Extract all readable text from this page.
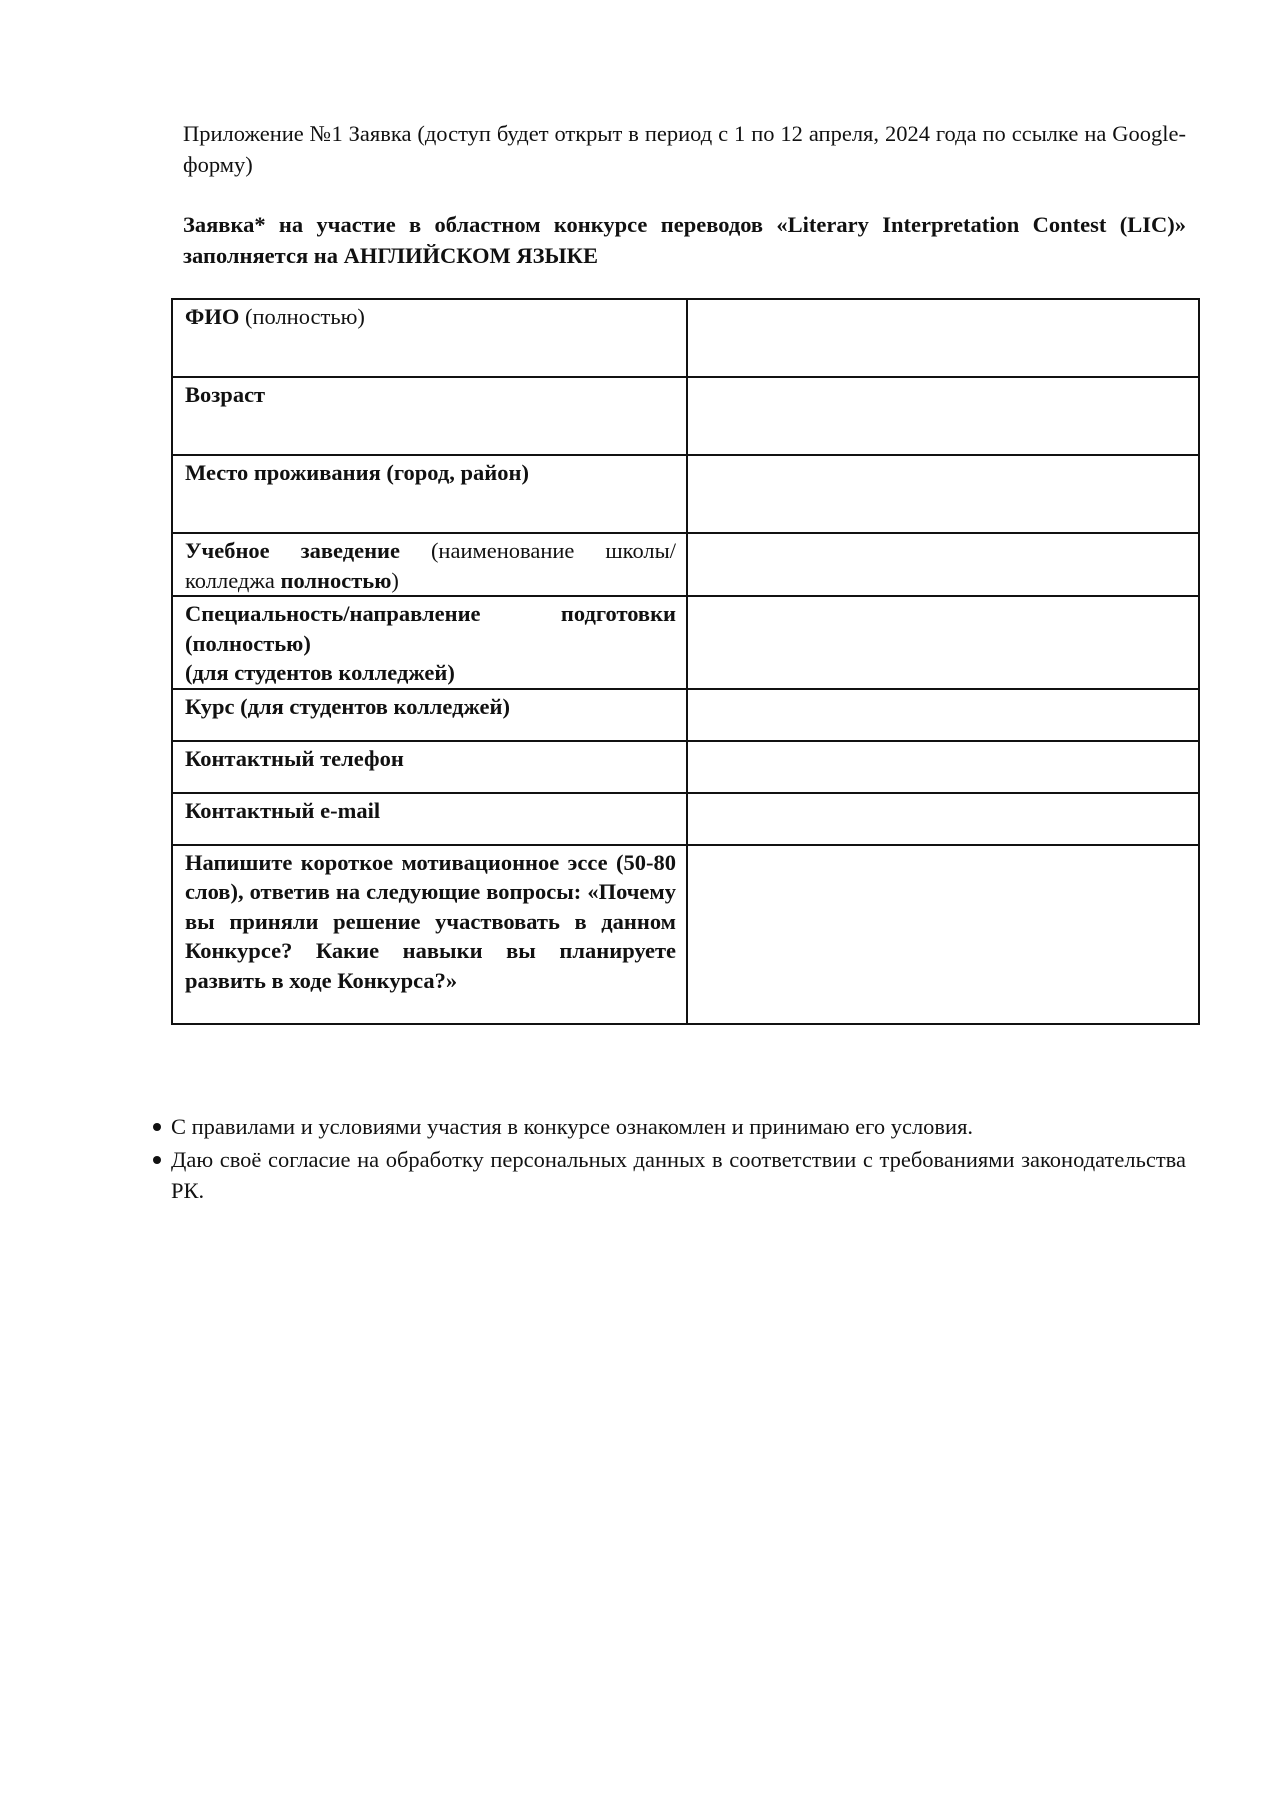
Приложение №1 Заявка (доступ будет открыт в период с 1 по 12 апреля, 2024 года по ссылке на Google-форму)

Заявка* на участие в областном конкурсе переводов «Literary Interpretation Contest (LIC)» заполняется на АНГЛИЙСКОМ ЯЗЫКЕ

ФИО (полностью)	
Возраст	
Место проживания (город, район)	
Учебное заведение (наименование школы/колледжа полностью)	
Специальность/направление подготовки (полностью)
(для студентов колледжей)	
Курс (для студентов колледжей)	
Контактный телефон	
Контактный e-mail	
Напишите короткое мотивационное эссе (50-80 слов), ответив на следующие вопросы: «Почему вы приняли решение участвовать в данном Конкурсе? Какие навыки вы планируете развить в ходе Конкурса?»	
С правилами и условиями участия в конкурсе ознакомлен и принимаю его условия.
Даю своё согласие на обработку персональных данных в соответствии с требованиями законодательства РК.
